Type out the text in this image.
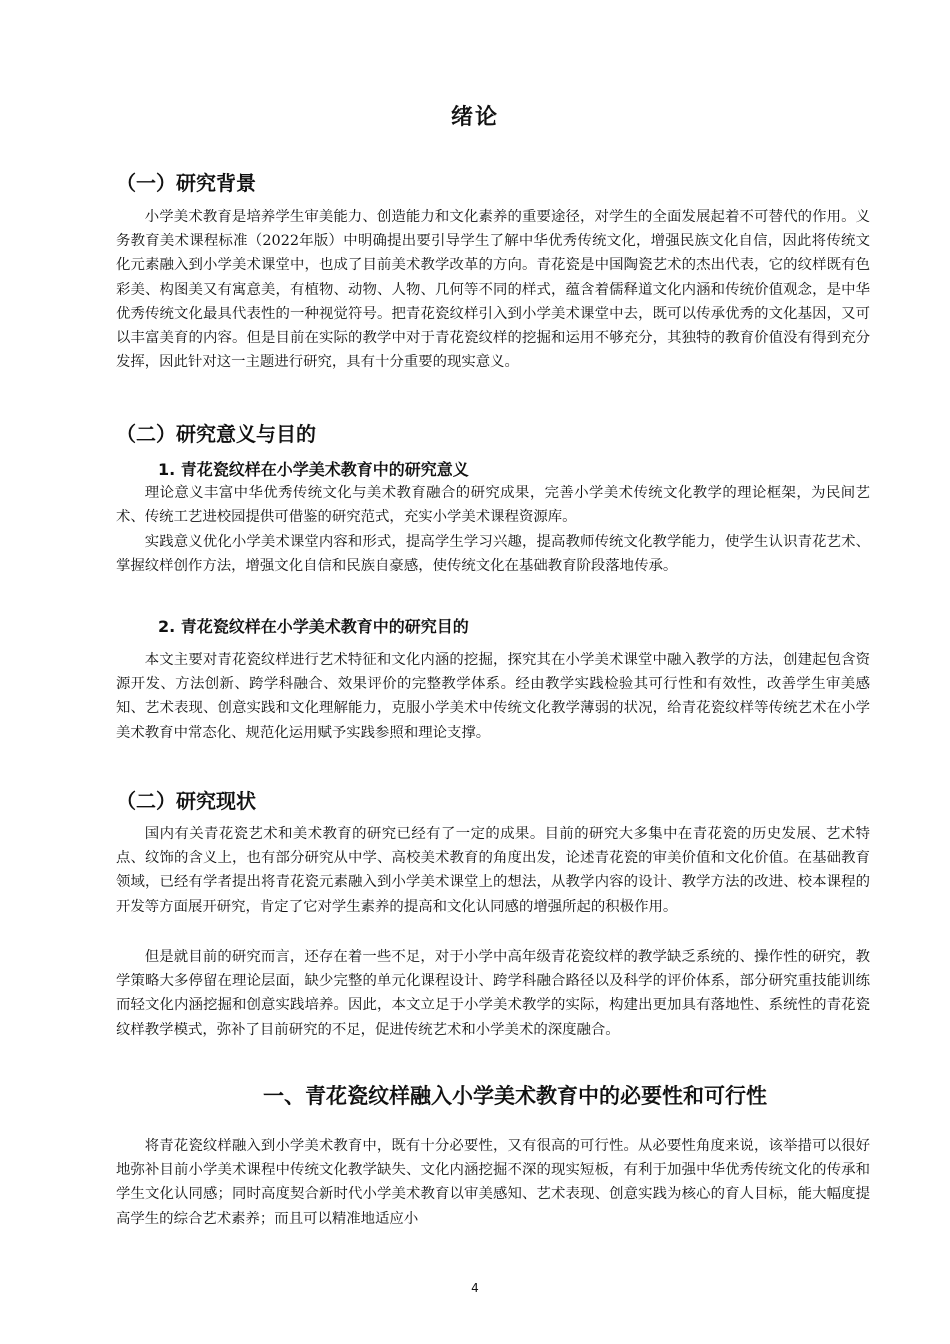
绪论
（一）研究背景

小学美术教育是培养学生审美能力、创造能力和文化素养的重要途径，对学生的全面发展起着不可替代的作用。义务教育美术课程标准（2022年版）中明确提出要引导学生了解中华优秀传统文化，增强民族文化自信，因此将传统文化元素融入到小学美术课堂中，也成了目前美术教学改革的方向。青花瓷是中国陶瓷艺术的杰出代表，它的纹样既有色彩美、构图美又有寓意美，有植物、动物、人物、几何等不同的样式，蕴含着儒释道文化内涵和传统价值观念，是中华优秀传统文化最具代表性的一种视觉符号。把青花瓷纹样引入到小学美术课堂中去，既可以传承优秀的文化基因，又可以丰富美育的内容。但是目前在实际的教学中对于青花瓷纹样的挖掘和运用不够充分，其独特的教育价值没有得到充分发挥，因此针对这一主题进行研究，具有十分重要的现实意义。

（二）研究意义与目的
1. 青花瓷纹样在小学美术教育中的研究意义

理论意义丰富中华优秀传统文化与美术教育融合的研究成果，完善小学美术传统文化教学的理论框架，为民间艺术、传统工艺进校园提供可借鉴的研究范式，充实小学美术课程资源库。

实践意义优化小学美术课堂内容和形式，提高学生学习兴趣，提高教师传统文化教学能力，使学生认识青花艺术、掌握纹样创作方法，增强文化自信和民族自豪感，使传统文化在基础教育阶段落地传承。

2. 青花瓷纹样在小学美术教育中的研究目的

本文主要对青花瓷纹样进行艺术特征和文化内涵的挖掘，探究其在小学美术课堂中融入教学的方法，创建起包含资源开发、方法创新、跨学科融合、效果评价的完整教学体系。经由教学实践检验其可行性和有效性，改善学生审美感知、艺术表现、创意实践和文化理解能力，克服小学美术中传统文化教学薄弱的状况，给青花瓷纹样等传统艺术在小学美术教育中常态化、规范化运用赋予实践参照和理论支撑。

（二）研究现状

国内有关青花瓷艺术和美术教育的研究已经有了一定的成果。目前的研究大多集中在青花瓷的历史发展、艺术特点、纹饰的含义上，也有部分研究从中学、高校美术教育的角度出发，论述青花瓷的审美价值和文化价值。在基础教育领域，已经有学者提出将青花瓷元素融入到小学美术课堂上的想法，从教学内容的设计、教学方法的改进、校本课程的开发等方面展开研究，肯定了它对学生素养的提高和文化认同感的增强所起的积极作用。

但是就目前的研究而言，还存在着一些不足，对于小学中高年级青花瓷纹样的教学缺乏系统的、操作性的研究，教学策略大多停留在理论层面，缺少完整的单元化课程设计、跨学科融合路径以及科学的评价体系，部分研究重技能训练而轻文化内涵挖掘和创意实践培养。因此，本文立足于小学美术教学的实际，构建出更加具有落地性、系统性的青花瓷纹样教学模式，弥补了目前研究的不足，促进传统艺术和小学美术的深度融合。

一、青花瓷纹样融入小学美术教育中的必要性和可行性

将青花瓷纹样融入到小学美术教育中，既有十分必要性，又有很高的可行性。从必要性角度来说，该举措可以很好地弥补目前小学美术课程中传统文化教学缺失、文化内涵挖掘不深的现实短板，有利于加强中华优秀传统文化的传承和学生文化认同感；同时高度契合新时代小学美术教育以审美感知、艺术表现、创意实践为核心的育人目标，能大幅度提高学生的综合艺术素养；而且可以精准地适应小

4
